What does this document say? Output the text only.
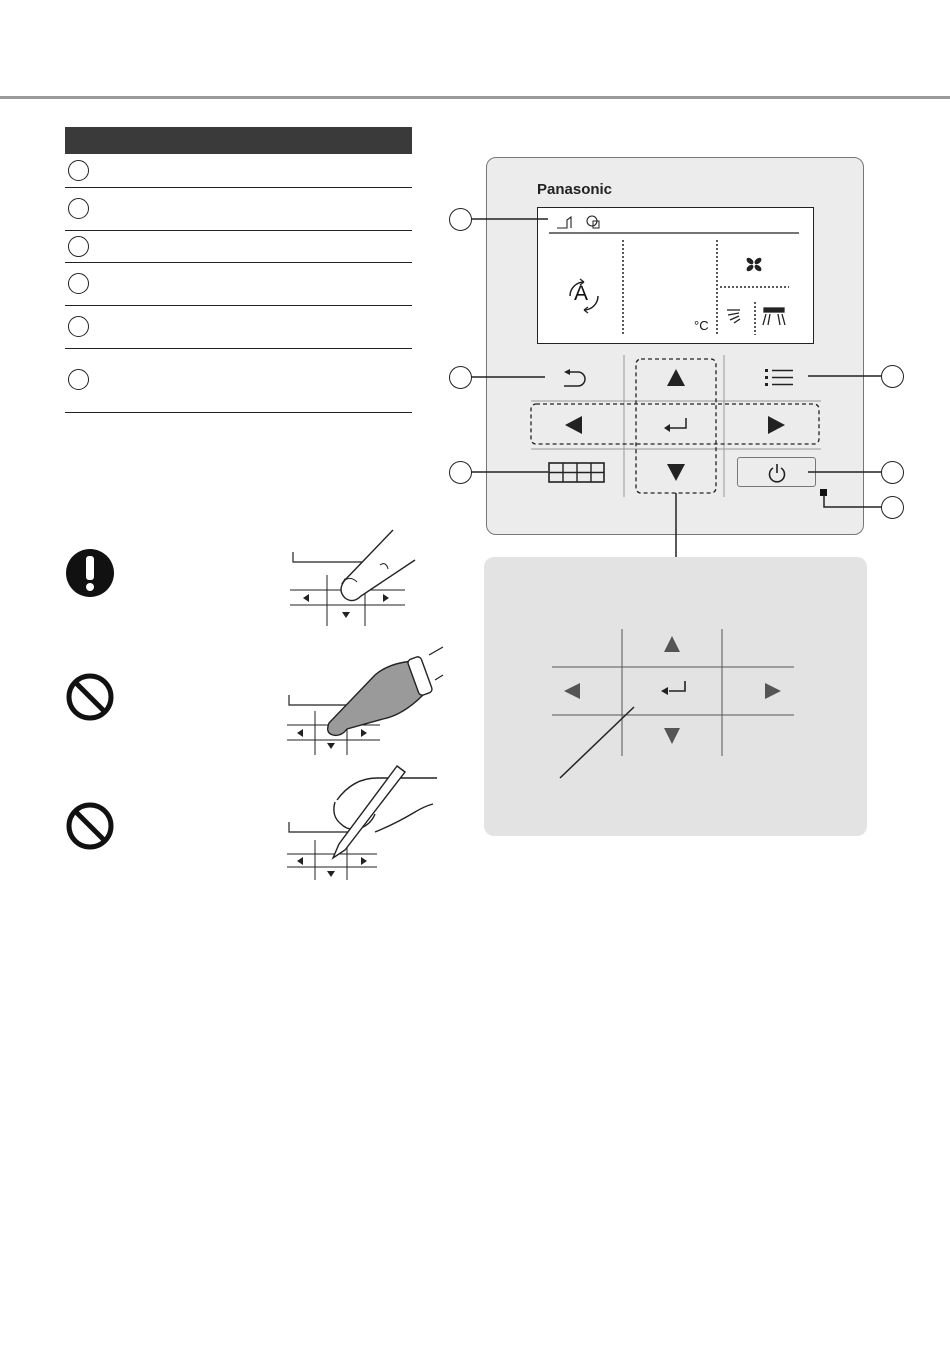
Panasonic
°C
A
